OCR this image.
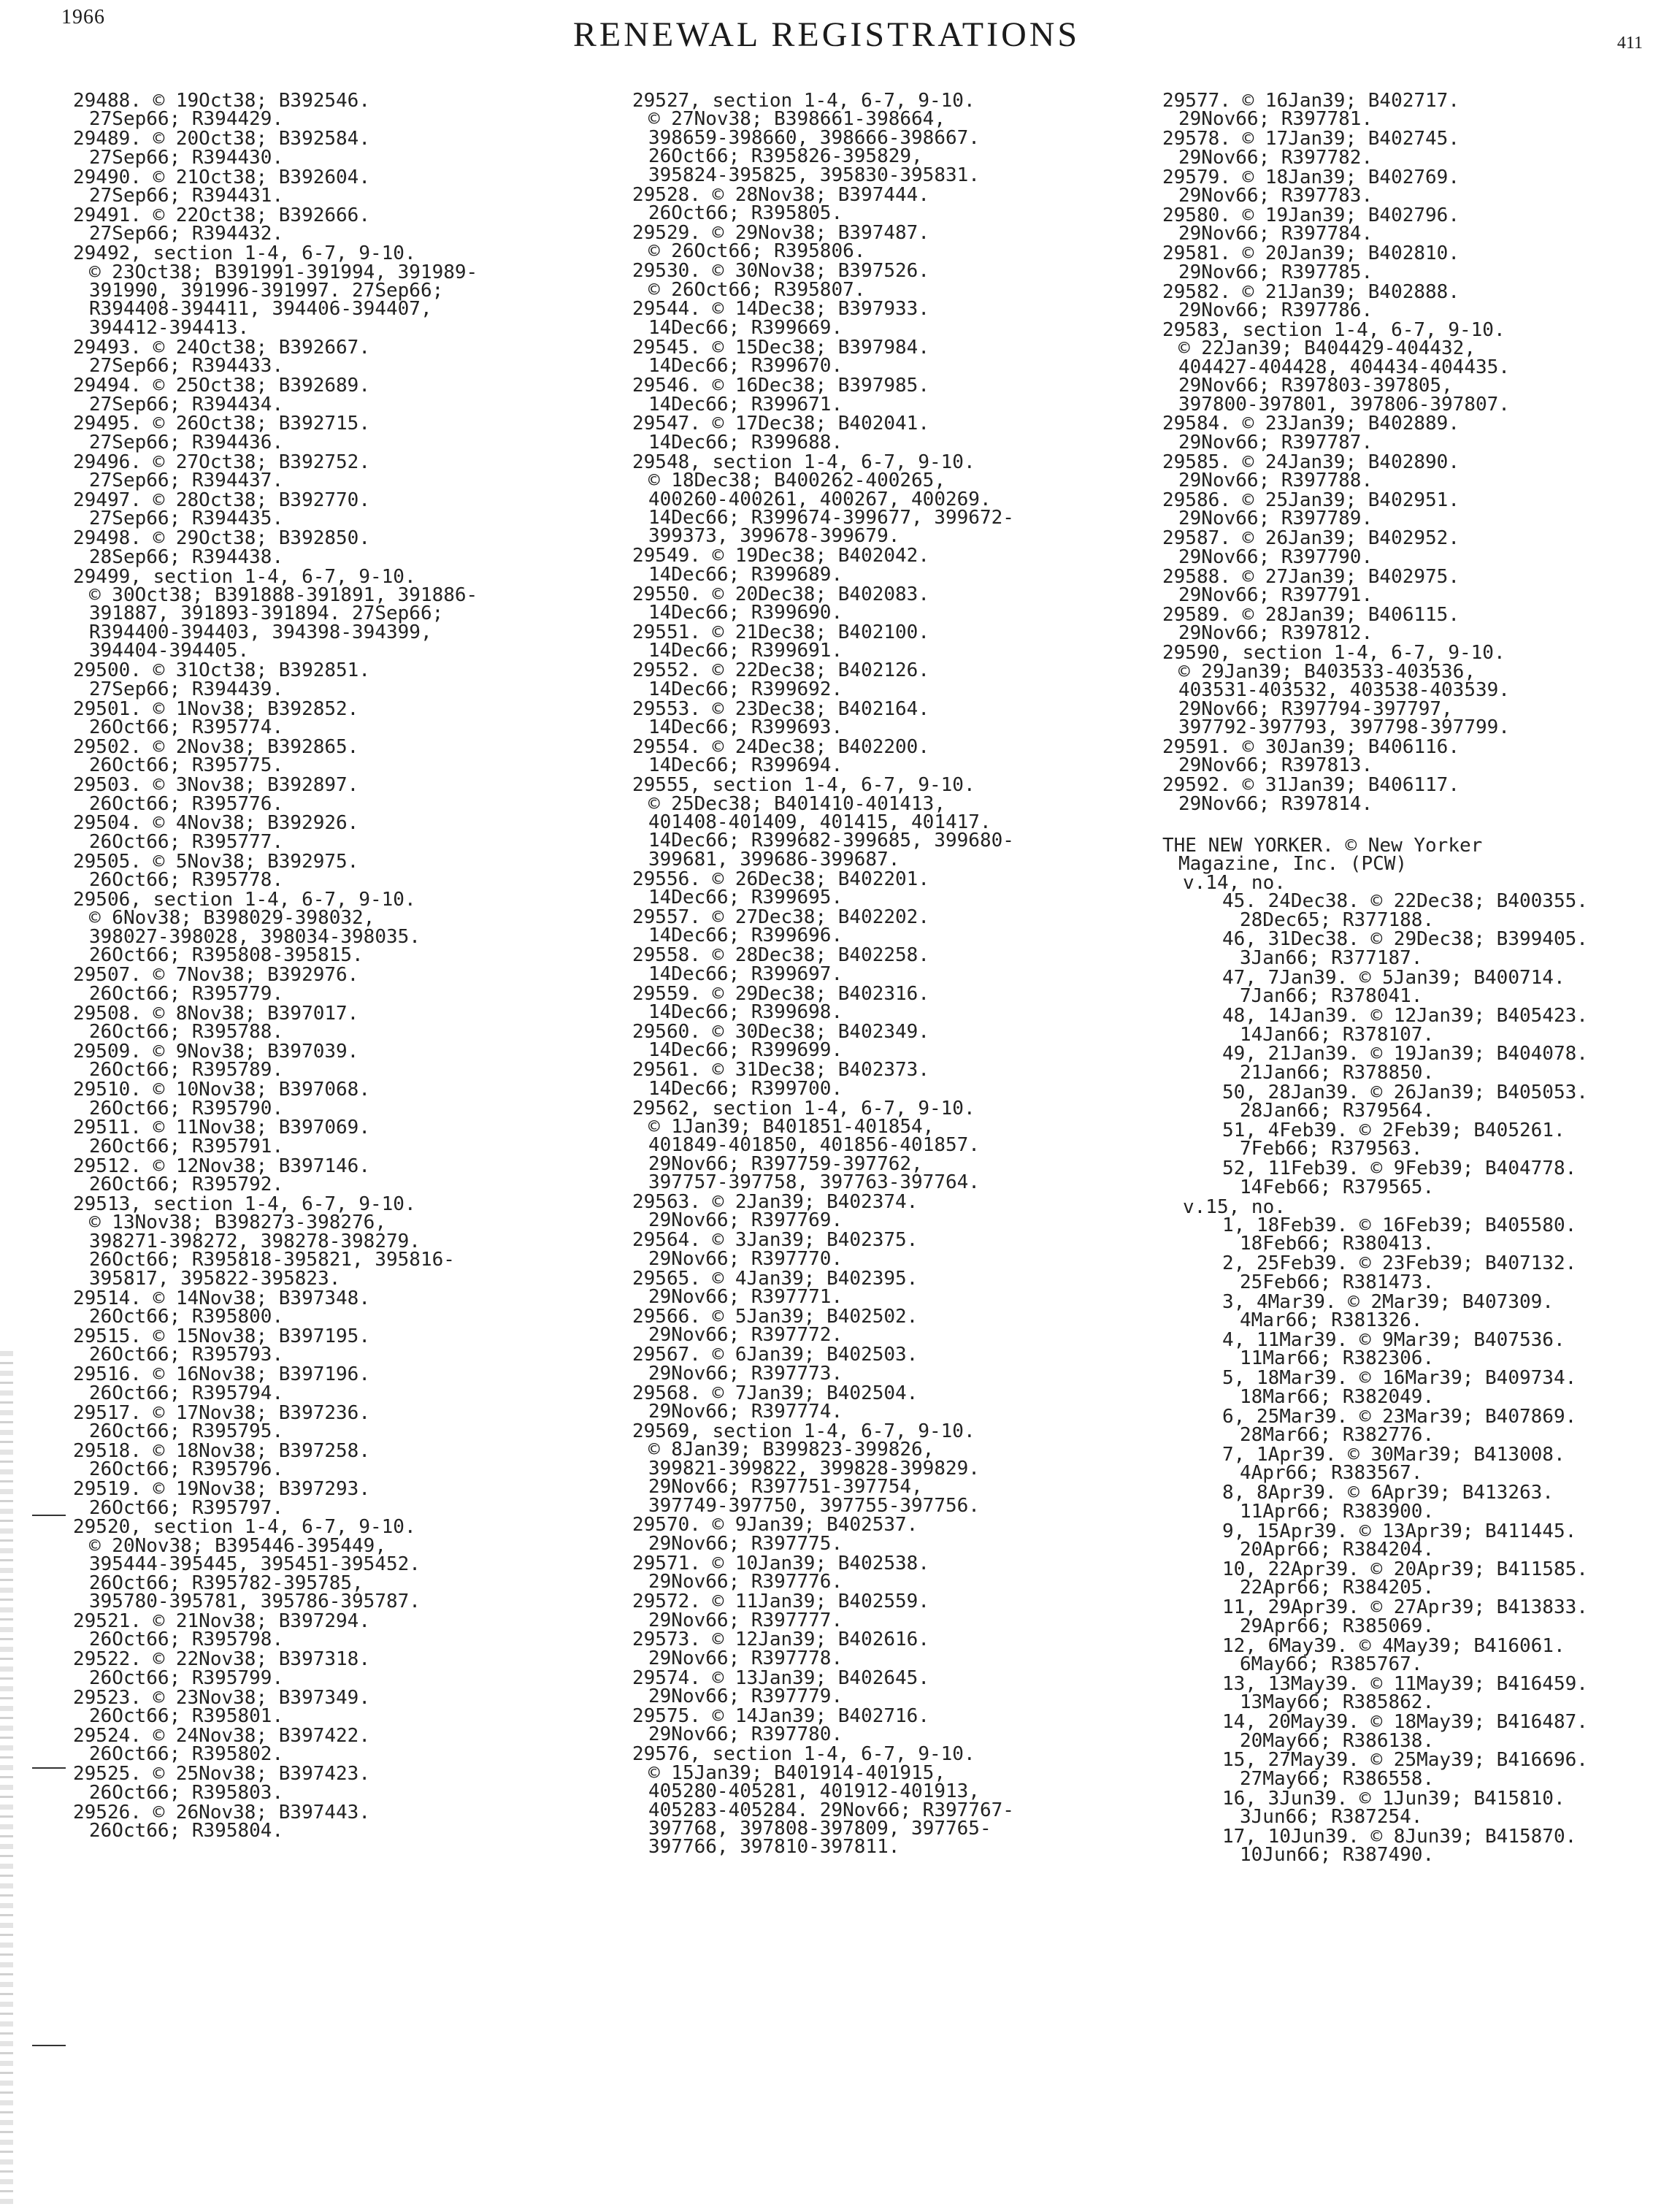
1966	RENEWAL REGISTRATIONS	411
29488. © 19Oct38; B392546.
27Sep66; R394429.
29489. © 20Oct38; B392584.
27Sep66; R394430.
29490. © 21Oct38; B392604.
27Sep66; R394431.
29491. © 22Oct38; B392666.
27Sep66; R394432.
29492, section 1-4, 6-7, 9-10.
© 23Oct38; B391991-391994, 391989-
391990, 391996-391997. 27Sep66;
R394408-394411, 394406-394407,
394412-394413.
29493. © 24Oct38; B392667.
27Sep66; R394433.
29494. © 25Oct38; B392689.
27Sep66; R394434.
29495. © 26Oct38; B392715.
27Sep66; R394436.
29496. © 27Oct38; B392752.
27Sep66; R394437.
29497. © 28Oct38; B392770.
27Sep66; R394435.
29498. © 29Oct38; B392850.
28Sep66; R394438.
29499, section 1-4, 6-7, 9-10.
© 30Oct38; B391888-391891, 391886-
391887, 391893-391894. 27Sep66;
R394400-394403, 394398-394399,
394404-394405.
29500. © 31Oct38; B392851.
27Sep66; R394439.
29501. © 1Nov38; B392852.
26Oct66; R395774.
29502. © 2Nov38; B392865.
26Oct66; R395775.
29503. © 3Nov38; B392897.
26Oct66; R395776.
29504. © 4Nov38; B392926.
26Oct66; R395777.
29505. © 5Nov38; B392975.
26Oct66; R395778.
29506, section 1-4, 6-7, 9-10.
© 6Nov38; B398029-398032,
398027-398028, 398034-398035.
26Oct66; R395808-395815.
29507. © 7Nov38; B392976.
26Oct66; R395779.
29508. © 8Nov38; B397017.
26Oct66; R395788.
29509. © 9Nov38; B397039.
26Oct66; R395789.
29510. © 10Nov38; B397068.
26Oct66; R395790.
29511. © 11Nov38; B397069.
26Oct66; R395791.
29512. © 12Nov38; B397146.
26Oct66; R395792.
29513, section 1-4, 6-7, 9-10.
© 13Nov38; B398273-398276,
398271-398272, 398278-398279.
26Oct66; R395818-395821, 395816-
395817, 395822-395823.
29514. © 14Nov38; B397348.
26Oct66; R395800.
29515. © 15Nov38; B397195.
26Oct66; R395793.
29516. © 16Nov38; B397196.
26Oct66; R395794.
29517. © 17Nov38; B397236.
26Oct66; R395795.
29518. © 18Nov38; B397258.
26Oct66; R395796.
29519. © 19Nov38; B397293.
26Oct66; R395797.
29520, section 1-4, 6-7, 9-10.
© 20Nov38; B395446-395449,
395444-395445, 395451-395452.
26Oct66; R395782-395785,
395780-395781, 395786-395787.
29521. © 21Nov38; B397294.
26Oct66; R395798.
29522. © 22Nov38; B397318.
26Oct66; R395799.
29523. © 23Nov38; B397349.
26Oct66; R395801.
29524. © 24Nov38; B397422.
26Oct66; R395802.
29525. © 25Nov38; B397423.
26Oct66; R395803.
29526. © 26Nov38; B397443.
26Oct66; R395804.
29527, section 1-4, 6-7, 9-10.
© 27Nov38; B398661-398664,
398659-398660, 398666-398667.
26Oct66; R395826-395829,
395824-395825, 395830-395831.
29528. © 28Nov38; B397444.
26Oct66; R395805.
29529. © 29Nov38; B397487.
© 26Oct66; R395806.
29530. © 30Nov38; B397526.
© 26Oct66; R395807.
29544. © 14Dec38; B397933.
14Dec66; R399669.
29545. © 15Dec38; B397984.
14Dec66; R399670.
29546. © 16Dec38; B397985.
14Dec66; R399671.
29547. © 17Dec38; B402041.
14Dec66; R399688.
29548, section 1-4, 6-7, 9-10.
© 18Dec38; B400262-400265,
400260-400261, 400267, 400269.
14Dec66; R399674-399677, 399672-
399373, 399678-399679.
29549. © 19Dec38; B402042.
14Dec66; R399689.
29550. © 20Dec38; B402083.
14Dec66; R399690.
29551. © 21Dec38; B402100.
14Dec66; R399691.
29552. © 22Dec38; B402126.
14Dec66; R399692.
29553. © 23Dec38; B402164.
14Dec66; R399693.
29554. © 24Dec38; B402200.
14Dec66; R399694.
29555, section 1-4, 6-7, 9-10.
© 25Dec38; B401410-401413,
401408-401409, 401415, 401417.
14Dec66; R399682-399685, 399680-
399681, 399686-399687.
29556. © 26Dec38; B402201.
14Dec66; R399695.
29557. © 27Dec38; B402202.
14Dec66; R399696.
29558. © 28Dec38; B402258.
14Dec66; R399697.
29559. © 29Dec38; B402316.
14Dec66; R399698.
29560. © 30Dec38; B402349.
14Dec66; R399699.
29561. © 31Dec38; B402373.
14Dec66; R399700.
29562, section 1-4, 6-7, 9-10.
© 1Jan39; B401851-401854,
401849-401850, 401856-401857.
29Nov66; R397759-397762,
397757-397758, 397763-397764.
29563. © 2Jan39; B402374.
29Nov66; R397769.
29564. © 3Jan39; B402375.
29Nov66; R397770.
29565. © 4Jan39; B402395.
29Nov66; R397771.
29566. © 5Jan39; B402502.
29Nov66; R397772.
29567. © 6Jan39; B402503.
29Nov66; R397773.
29568. © 7Jan39; B402504.
29Nov66; R397774.
29569, section 1-4, 6-7, 9-10.
© 8Jan39; B399823-399826,
399821-399822, 399828-399829.
29Nov66; R397751-397754,
397749-397750, 397755-397756.
29570. © 9Jan39; B402537.
29Nov66; R397775.
29571. © 10Jan39; B402538.
29Nov66; R397776.
29572. © 11Jan39; B402559.
29Nov66; R397777.
29573. © 12Jan39; B402616.
29Nov66; R397778.
29574. © 13Jan39; B402645.
29Nov66; R397779.
29575. © 14Jan39; B402716.
29Nov66; R397780.
29576, section 1-4, 6-7, 9-10.
© 15Jan39; B401914-401915,
405280-405281, 401912-401913,
405283-405284. 29Nov66; R397767-
397768, 397808-397809, 397765-
397766, 397810-397811.
29577. © 16Jan39; B402717.
29Nov66; R397781.
29578. © 17Jan39; B402745.
29Nov66; R397782.
29579. © 18Jan39; B402769.
29Nov66; R397783.
29580. © 19Jan39; B402796.
29Nov66; R397784.
29581. © 20Jan39; B402810.
29Nov66; R397785.
29582. © 21Jan39; B402888.
29Nov66; R397786.
29583, section 1-4, 6-7, 9-10.
© 22Jan39; B404429-404432,
404427-404428, 404434-404435.
29Nov66; R397803-397805,
397800-397801, 397806-397807.
29584. © 23Jan39; B402889.
29Nov66; R397787.
29585. © 24Jan39; B402890.
29Nov66; R397788.
29586. © 25Jan39; B402951.
29Nov66; R397789.
29587. © 26Jan39; B402952.
29Nov66; R397790.
29588. © 27Jan39; B402975.
29Nov66; R397791.
29589. © 28Jan39; B406115.
29Nov66; R397812.
29590, section 1-4, 6-7, 9-10.
© 29Jan39; B403533-403536,
403531-403532, 403538-403539.
29Nov66; R397794-397797,
397792-397793, 397798-397799.
29591. © 30Jan39; B406116.
29Nov66; R397813.
29592. © 31Jan39; B406117.
29Nov66; R397814.
THE NEW YORKER. © New Yorker
Magazine, Inc. (PCW)
v.14, no.
45. 24Dec38. © 22Dec38; B400355.
28Dec65; R377188.
46, 31Dec38. © 29Dec38; B399405.
3Jan66; R377187.
47, 7Jan39. © 5Jan39; B400714.
7Jan66; R378041.
48, 14Jan39. © 12Jan39; B405423.
14Jan66; R378107.
49, 21Jan39. © 19Jan39; B404078.
21Jan66; R378850.
50, 28Jan39. © 26Jan39; B405053.
28Jan66; R379564.
51, 4Feb39. © 2Feb39; B405261.
7Feb66; R379563.
52, 11Feb39. © 9Feb39; B404778.
14Feb66; R379565.
v.15, no.
1, 18Feb39. © 16Feb39; B405580.
18Feb66; R380413.
2, 25Feb39. © 23Feb39; B407132.
25Feb66; R381473.
3, 4Mar39. © 2Mar39; B407309.
4Mar66; R381326.
4, 11Mar39. © 9Mar39; B407536.
11Mar66; R382306.
5, 18Mar39. © 16Mar39; B409734.
18Mar66; R382049.
6, 25Mar39. © 23Mar39; B407869.
28Mar66; R382776.
7, 1Apr39. © 30Mar39; B413008.
4Apr66; R383567.
8, 8Apr39. © 6Apr39; B413263.
11Apr66; R383900.
9, 15Apr39. © 13Apr39; B411445.
20Apr66; R384204.
10, 22Apr39. © 20Apr39; B411585.
22Apr66; R384205.
11, 29Apr39. © 27Apr39; B413833.
29Apr66; R385069.
12, 6May39. © 4May39; B416061.
6May66; R385767.
13, 13May39. © 11May39; B416459.
13May66; R385862.
14, 20May39. © 18May39; B416487.
20May66; R386138.
15, 27May39. © 25May39; B416696.
27May66; R386558.
16, 3Jun39. © 1Jun39; B415810.
3Jun66; R387254.
17, 10Jun39. © 8Jun39; B415870.
10Jun66; R387490.
